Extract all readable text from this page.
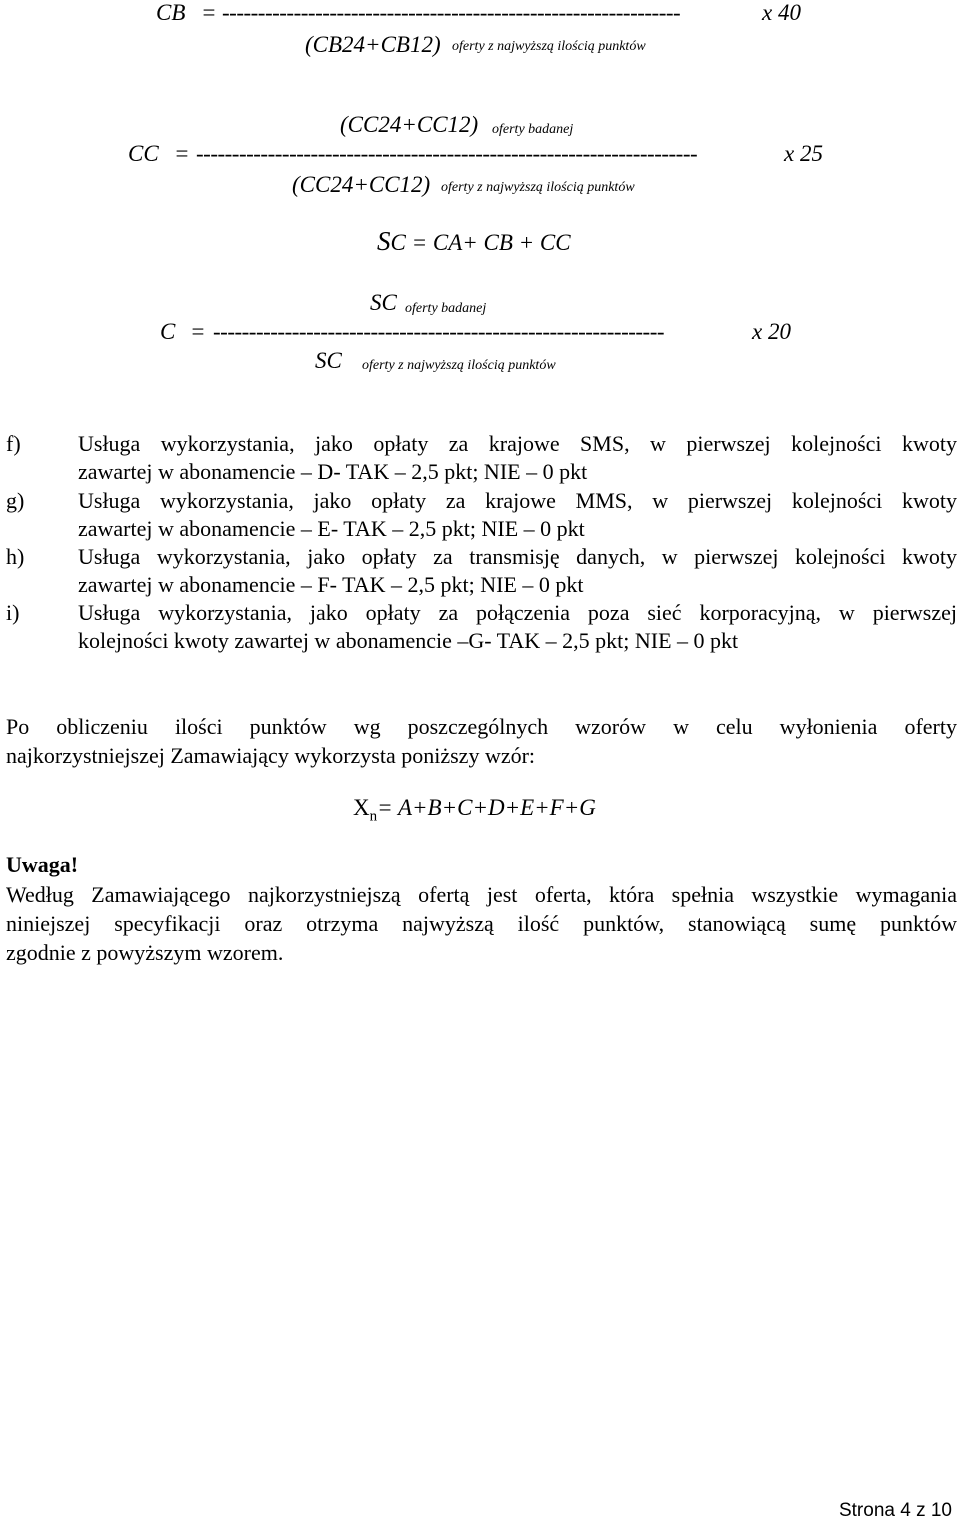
CB = ----------------------------------------------------------------	x 40
(CB24+CB12) oferty z najwyższą ilością punktów
(CC24+CC12) oferty badanej
CC = ----------------------------------------------------------------------	x 25
(CC24+CC12) oferty z najwyższą ilością punktów
SC = CA+ CB + CC
SC oferty badanej
C = ---------------------------------------------------------------	x 20
SC oferty z najwyższą ilością punktów
f)	Usługa wykorzystania, jako opłaty za krajowe SMS, w pierwszej kolejności kwoty
zawartej w abonamencie – D- TAK – 2,5 pkt; NIE – 0 pkt
g) Usługa wykorzystania, jako opłaty za krajowe MMS, w pierwszej kolejności kwoty
zawartej w abonamencie – E- TAK – 2,5 pkt; NIE – 0 pkt
h) Usługa wykorzystania, jako opłaty za transmisję danych, w pierwszej kolejności kwoty
zawartej w abonamencie – F- TAK – 2,5 pkt; NIE – 0 pkt
i)	Usługa wykorzystania, jako opłaty za połączenia poza sieć korporacyjną, w pierwszej
kolejności kwoty zawartej w abonamencie –G- TAK – 2,5 pkt; NIE – 0 pkt
Po obliczeniu ilości punktów wg poszczególnych wzorów w celu wyłonienia oferty
najkorzystniejszej Zamawiający wykorzysta poniższy wzór:
$X_n= A+B+C+D+E+F+G$
Uwaga!
Według Zamawiającego najkorzystniejszą ofertą jest oferta, która spełnia wszystkie wymagania
niniejszej specyfikacji oraz otrzyma najwyższą ilość punktów, stanowiącą sumę punktów
zgodnie z powyższym wzorem.
Strona 4 z 10
